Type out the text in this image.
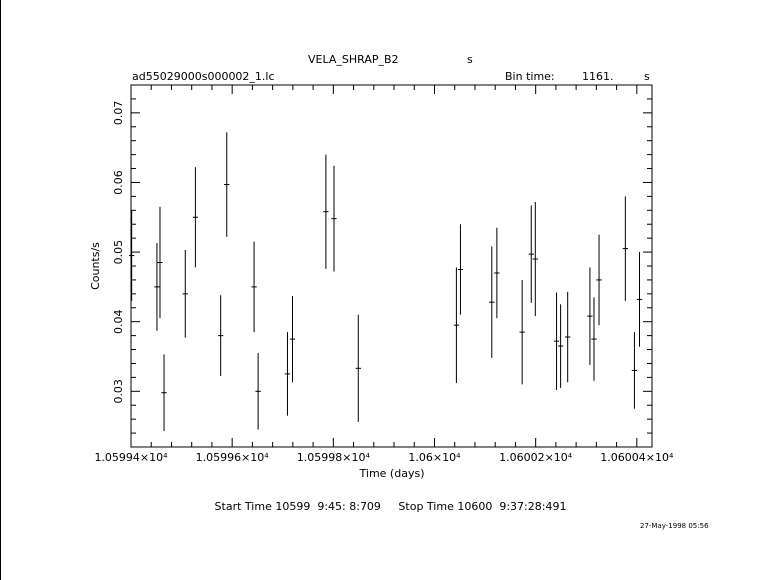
VELA_SHRAP_B2	s
ad55029000s000002_1.lc	Bin time: 1161.	s
1.05994×10⁴	1.05996×10⁴	1.05998×10⁴	1.06×10⁴	1.06002×10⁴	1.06004×10⁴
0.03
0.04
0.05
0.06
0.07
Time (days)
Counts/s
27-May-1998 05:56
Start Time 10599  9:45: 8:709 Stop Time 10600  9:37:28:491
